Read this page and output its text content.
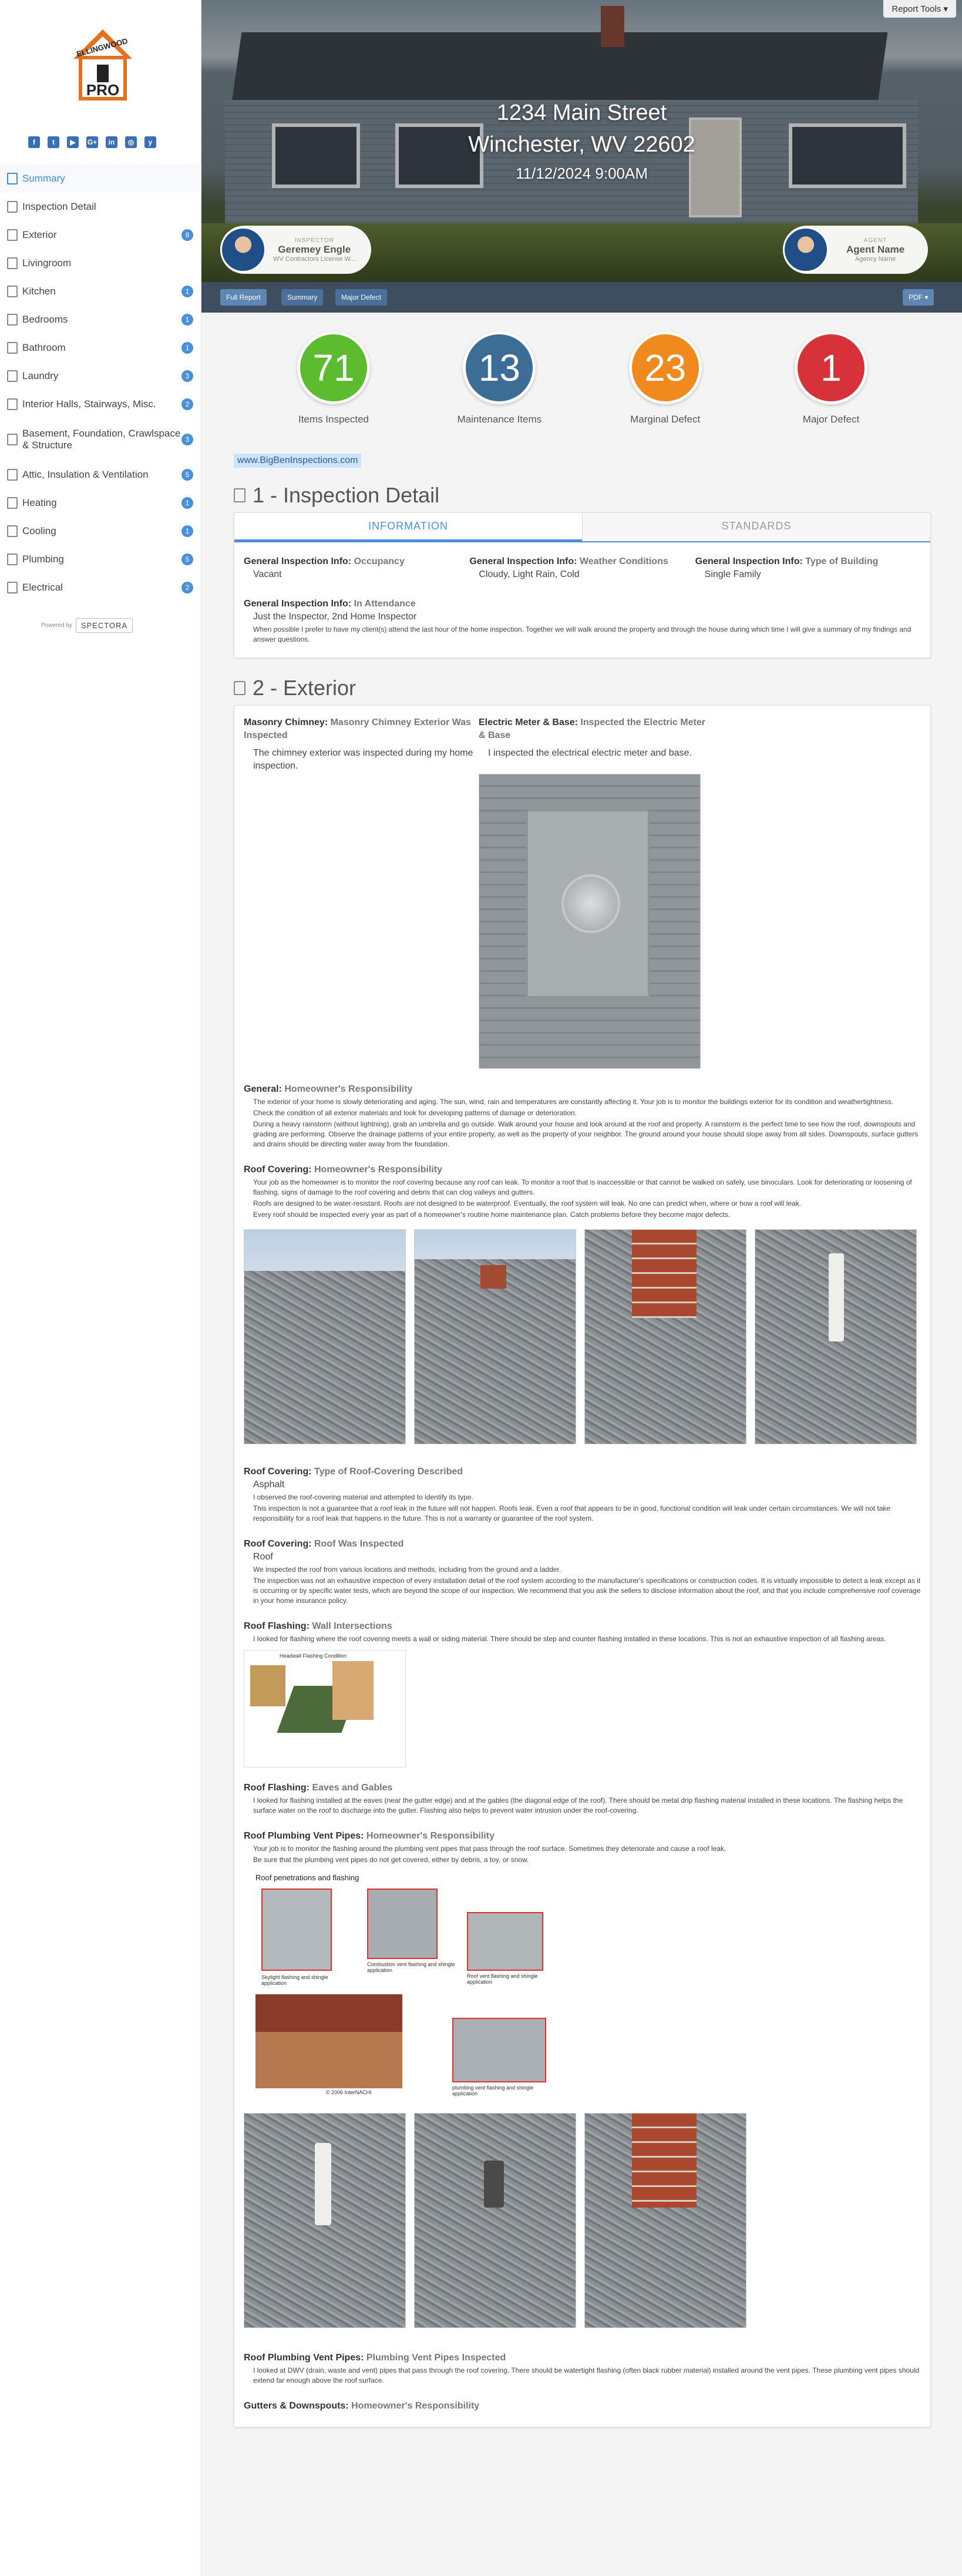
ELLINGWOOD
PRO
f	t	▶	G+	in	◎	y
Summary
Inspection Detail
Exterior	8
Livingroom
Kitchen	1
Bedrooms	1
Bathroom	1
Laundry	3
Interior Halls, Stairways, Misc.	2
Basement, Foundation, Crawlspace & Structure	3
Attic, Insulation & Ventilation	5
Heating	1
Cooling	1
Plumbing	5
Electrical	2
Powered by	SPECTORA
1234 Main Street
Winchester, WV 22602
11/12/2024 9:00AM
Report Tools ▾
INSPECTOR
Geremey Engle
WV Contractors License W...
AGENT
Agent Name
Agency Name
Full Report	Summary	Major Defect	PDF ▾
71
Items Inspected
13
Maintenance Items
23
Marginal Defect
1
Major Defect
www.BigBenInspections.com
1 - Inspection Detail
INFORMATION	STANDARDS
General Inspection Info: Occupancy
Vacant
General Inspection Info: Weather Conditions
Cloudy, Light Rain, Cold
General Inspection Info: Type of Building
Single Family
General Inspection Info: In Attendance
Just the Inspector, 2nd Home Inspector
When possible I prefer to have my client(s) attend the last hour of the home inspection. Together we will walk around the property and through the house during which time I will give a summary of my findings and answer questions.
2 - Exterior
Masonry Chimney: Masonry Chimney Exterior Was Inspected
The chimney exterior was inspected during my home inspection.
Electric Meter & Base: Inspected the Electric Meter & Base
I inspected the electrical electric meter and base.
General: Homeowner's Responsibility
The exterior of your home is slowly deteriorating and aging. The sun, wind, rain and temperatures are constantly affecting it. Your job is to monitor the buildings exterior for its condition and weathertightness.
Check the condition of all exterior materials and look for developing patterns of damage or deterioration.
During a heavy rainstorm (without lightning), grab an umbrella and go outside. Walk around your house and look around at the roof and property. A rainstorm is the perfect time to see how the roof, downspouts and grading are performing. Observe the drainage patterns of your entire property, as well as the property of your neighbor. The ground around your house should slope away from all sides. Downspouts, surface gutters and drains should be directing water away from the foundation.
Roof Covering: Homeowner's Responsibility
Your job as the homeowner is to monitor the roof covering because any roof can leak. To monitor a roof that is inaccessible or that cannot be walked on safely, use binoculars. Look for deteriorating or loosening of flashing, signs of damage to the roof covering and debris that can clog valleys and gutters.
Roofs are designed to be water-resistant. Roofs are not designed to be waterproof. Eventually, the roof system will leak. No one can predict when, where or how a roof will leak.
Every roof should be inspected every year as part of a homeowner's routine home maintenance plan. Catch problems before they become major defects.
Roof Covering: Type of Roof-Covering Described
Asphalt
I observed the roof-covering material and attempted to identify its type.
This inspection is not a guarantee that a roof leak in the future will not happen. Roofs leak. Even a roof that appears to be in good, functional condition will leak under certain circumstances. We will not take responsibility for a roof leak that happens in the future. This is not a warranty or guarantee of the roof system.
Roof Covering: Roof Was Inspected
Roof
We inspected the roof from various locations and methods, including from the ground and a ladder.
The inspection was not an exhaustive inspection of every installation detail of the roof system according to the manufacturer's specifications or construction codes. It is virtually impossible to detect a leak except as it is occurring or by specific water tests, which are beyond the scope of our inspection. We recommend that you ask the sellers to disclose information about the roof, and that you include comprehensive roof coverage in your home insurance policy.
Roof Flashing: Wall Intersections
I looked for flashing where the roof covering meets a wall or siding material. There should be step and counter flashing installed in these locations. This is not an exhaustive inspection of all flashing areas.
Headwall Flashing Condition
Roof Flashing: Eaves and Gables
I looked for flashing installed at the eaves (near the gutter edge) and at the gables (the diagonal edge of the roof). There should be metal drip flashing material installed in these locations. The flashing helps the surface water on the roof to discharge into the gutter. Flashing also helps to prevent water intrusion under the roof-covering.
Roof Plumbing Vent Pipes: Homeowner's Responsibility
Your job is to monitor the flashing around the plumbing vent pipes that pass through the roof surface. Sometimes they deteriorate and cause a roof leak.
Be sure that the plumbing vent pipes do not get covered, either by debris, a toy, or snow.
Roof penetrations and flashing
Skylight flashing and shingle application
Combustion vent flashing and shingle application
Roof vent flashing and shingle application
plumbing vent flashing and shingle application
© 2006 InterNACHI
Roof Plumbing Vent Pipes: Plumbing Vent Pipes Inspected
I looked at DWV (drain, waste and vent) pipes that pass through the roof covering. There should be watertight flashing (often black rubber material) installed around the vent pipes. These plumbing vent pipes should extend far enough above the roof surface.
Gutters & Downspouts: Homeowner's Responsibility
